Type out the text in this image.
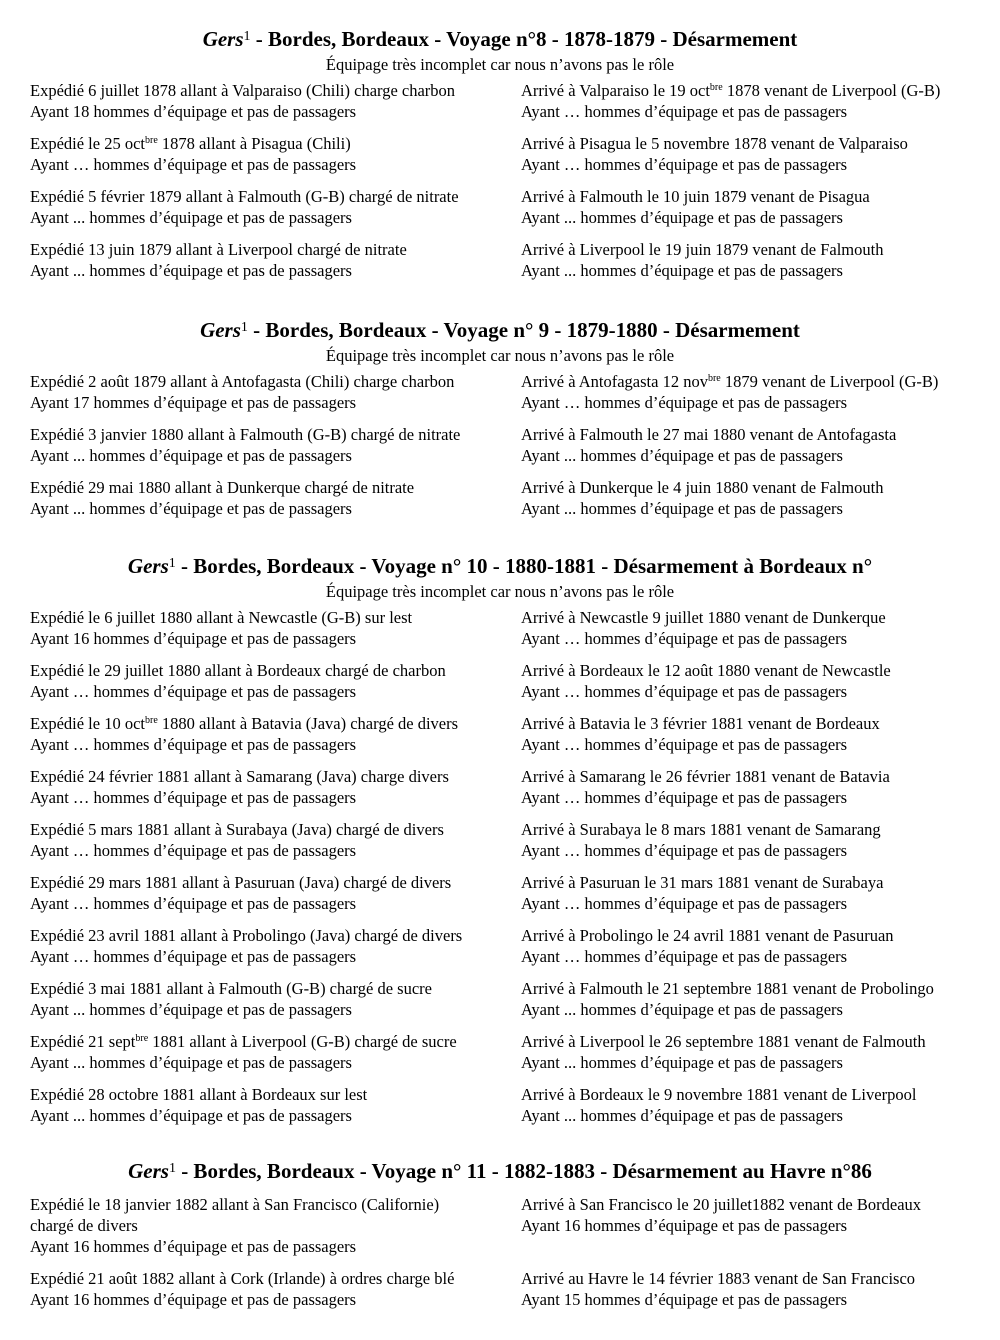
Gers$^1$ - Bordes, Bordeaux - Voyage n°8 - 1878-1879 - Désarmement
Équipage très incomplet car nous n’avons pas le rôle
Expédié 6 juillet 1878 allant à Valparaiso (Chili) charge charbon
Ayant 18 hommes d’équipage et pas de passagers
Arrivé à Valparaiso le 19 oct$^{bre}$ 1878 venant de Liverpool (G-B)
Ayant … hommes d’équipage et pas de passagers
Expédié le 25 oct$^{bre}$ 1878 allant à Pisagua (Chili)
Ayant … hommes d’équipage et pas de passagers
Arrivé à Pisagua le 5 novembre 1878 venant de Valparaiso
Ayant … hommes d’équipage et pas de passagers
Expédié 5 février 1879 allant à Falmouth (G-B) chargé de nitrate
Ayant ... hommes d’équipage et pas de passagers
Arrivé à Falmouth le 10 juin 1879 venant de Pisagua
Ayant ... hommes d’équipage et pas de passagers
Expédié 13 juin 1879 allant à Liverpool chargé de nitrate
Ayant ... hommes d’équipage et pas de passagers
Arrivé à Liverpool le 19 juin 1879 venant de Falmouth
Ayant ... hommes d’équipage et pas de passagers
Gers$^1$ - Bordes, Bordeaux - Voyage n° 9 - 1879-1880 - Désarmement
Équipage très incomplet car nous n’avons pas le rôle
Expédié 2 août 1879 allant à Antofagasta (Chili) charge charbon
Ayant 17 hommes d’équipage et pas de passagers
Arrivé à Antofagasta 12 nov$^{bre}$ 1879 venant de Liverpool (G-B)
Ayant … hommes d’équipage et pas de passagers
Expédié 3 janvier 1880 allant à Falmouth (G-B) chargé de nitrate
Ayant ... hommes d’équipage et pas de passagers
Arrivé à Falmouth le 27 mai 1880 venant de Antofagasta
Ayant ... hommes d’équipage et pas de passagers
Expédié 29 mai 1880 allant à Dunkerque chargé de nitrate
Ayant ... hommes d’équipage et pas de passagers
Arrivé à Dunkerque le 4 juin 1880 venant de Falmouth
Ayant ... hommes d’équipage et pas de passagers
Gers$^1$ - Bordes, Bordeaux - Voyage n° 10 - 1880-1881 - Désarmement à Bordeaux n°
Équipage très incomplet car nous n’avons pas le rôle
Expédié le 6 juillet 1880 allant à Newcastle (G-B) sur lest
Ayant 16 hommes d’équipage et pas de passagers
Arrivé à Newcastle 9 juillet 1880 venant de Dunkerque
Ayant … hommes d’équipage et pas de passagers
Expédié le 29 juillet 1880 allant à Bordeaux chargé de charbon
Ayant … hommes d’équipage et pas de passagers
Arrivé à Bordeaux le 12 août 1880 venant de Newcastle
Ayant … hommes d’équipage et pas de passagers
Expédié le 10 oct$^{bre}$ 1880 allant à Batavia (Java) chargé de divers
Ayant … hommes d’équipage et pas de passagers
Arrivé à Batavia le 3 février 1881 venant de Bordeaux
Ayant … hommes d’équipage et pas de passagers
Expédié 24 février 1881 allant à Samarang (Java) charge divers
Ayant … hommes d’équipage et pas de passagers
Arrivé à Samarang le 26 février 1881 venant de Batavia
Ayant … hommes d’équipage et pas de passagers
Expédié 5 mars 1881 allant à Surabaya (Java) chargé de divers
Ayant … hommes d’équipage et pas de passagers
Arrivé à Surabaya le 8 mars 1881 venant de Samarang
Ayant … hommes d’équipage et pas de passagers
Expédié 29 mars 1881 allant à Pasuruan (Java) chargé de divers
Ayant … hommes d’équipage et pas de passagers
Arrivé à Pasuruan le 31 mars 1881 venant de Surabaya
Ayant … hommes d’équipage et pas de passagers
Expédié 23 avril 1881 allant à Probolingo (Java) chargé de divers
Ayant … hommes d’équipage et pas de passagers
Arrivé à Probolingo le 24 avril 1881 venant de Pasuruan
Ayant … hommes d’équipage et pas de passagers
Expédié 3 mai 1881 allant à Falmouth (G-B) chargé de sucre
Ayant ... hommes d’équipage et pas de passagers
Arrivé à Falmouth le 21 septembre 1881 venant de Probolingo
Ayant ... hommes d’équipage et pas de passagers
Expédié 21 sept$^{bre}$ 1881 allant à Liverpool (G-B) chargé de sucre
Ayant ... hommes d’équipage et pas de passagers
Arrivé à Liverpool le 26 septembre 1881 venant de Falmouth
Ayant ... hommes d’équipage et pas de passagers
Expédié 28 octobre 1881 allant à Bordeaux sur lest
Ayant ... hommes d’équipage et pas de passagers
Arrivé à Bordeaux le 9 novembre 1881 venant de Liverpool
Ayant ... hommes d’équipage et pas de passagers
Gers$^1$ - Bordes, Bordeaux - Voyage n° 11 - 1882-1883 - Désarmement au Havre n°86
Expédié le 18 janvier 1882 allant à San Francisco (Californie)
chargé de divers
Ayant 16 hommes d’équipage et pas de passagers
Arrivé à San Francisco le 20 juillet1882 venant de Bordeaux
Ayant 16 hommes d’équipage et pas de passagers
Expédié 21 août 1882 allant à Cork (Irlande) à ordres charge blé
Ayant 16 hommes d’équipage et pas de passagers
Arrivé au Havre le 14 février 1883 venant de San Francisco
Ayant 15 hommes d’équipage et pas de passagers
